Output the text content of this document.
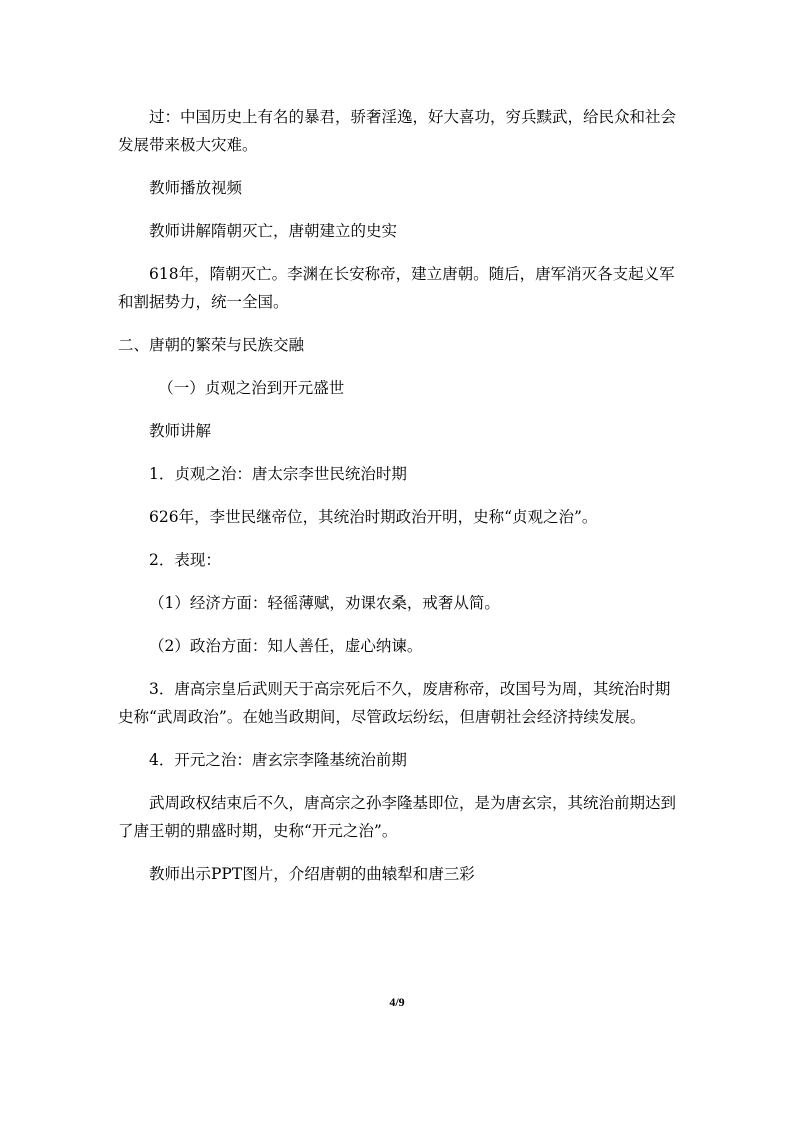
过：中国历史上有名的暴君，骄奢淫逸，好大喜功，穷兵黩武，给民众和社会发展带来极大灾难。

教师播放视频

教师讲解隋朝灭亡，唐朝建立的史实

618年，隋朝灭亡。李渊在长安称帝，建立唐朝。随后，唐军消灭各支起义军和割据势力，统一全国。

二、唐朝的繁荣与民族交融

（一）贞观之治到开元盛世

教师讲解

1．贞观之治：唐太宗李世民统治时期

626年，李世民继帝位，其统治时期政治开明，史称“贞观之治”。

2．表现：

（1）经济方面：轻徭薄赋，劝课农桑，戒奢从简。

（2）政治方面：知人善任，虚心纳谏。

3．唐高宗皇后武则天于高宗死后不久，废唐称帝，改国号为周，其统治时期史称“武周政治”。在她当政期间，尽管政坛纷纭，但唐朝社会经济持续发展。

4．开元之治：唐玄宗李隆基统治前期

武周政权结束后不久，唐高宗之孙李隆基即位，是为唐玄宗，其统治前期达到了唐王朝的鼎盛时期，史称“开元之治”。

教师出示PPT图片，介绍唐朝的曲辕犁和唐三彩

4/9
